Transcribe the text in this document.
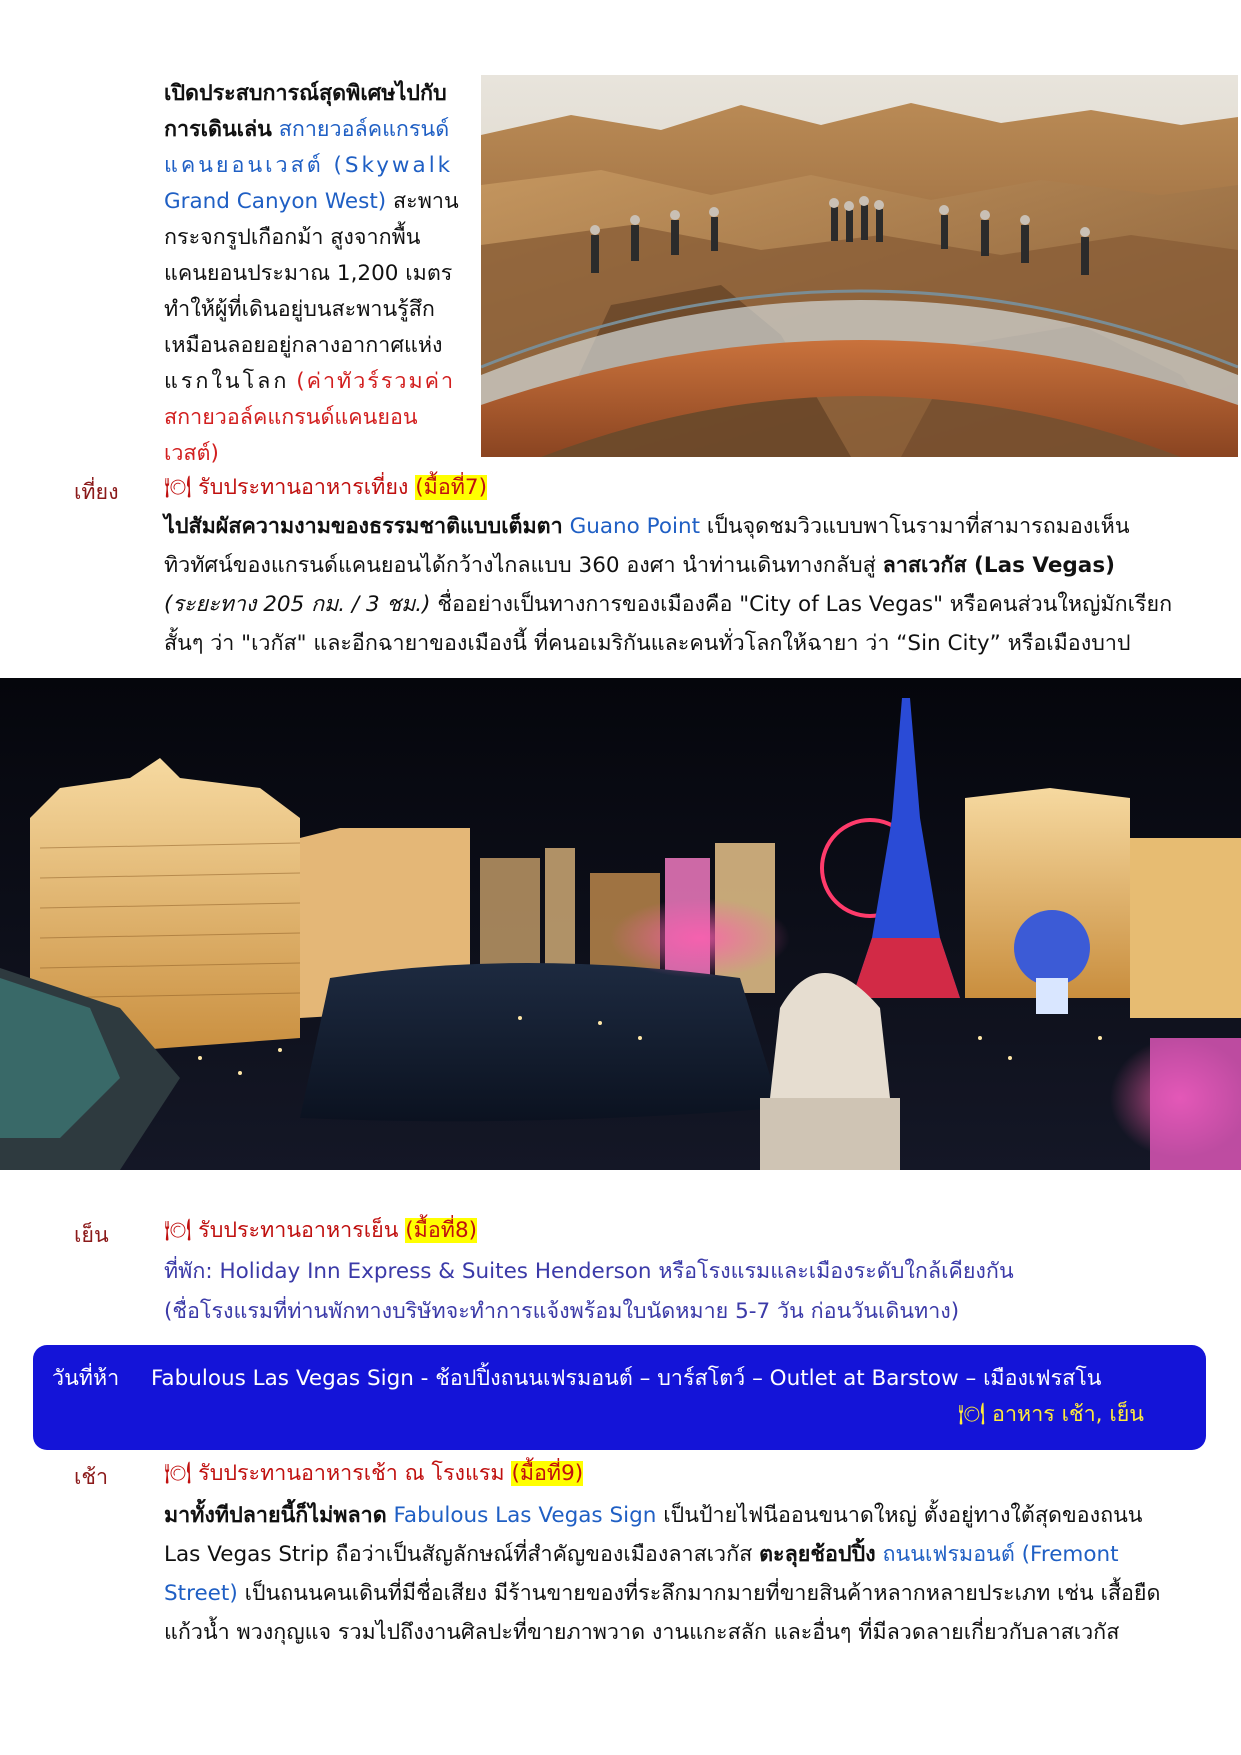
เปิดประสบการณ์สุดพิเศษไปกับ
การเดินเล่น สกายวอล์คแกรนด์
แคนยอนเวสต์ (Skywalk
Grand Canyon West) สะพาน
กระจกรูปเกือกม้า สูงจากพื้น
แคนยอนประมาณ 1,200 เมตร
ทำให้ผู้ที่เดินอยู่บนสะพานรู้สึก
เหมือนลอยอยู่กลางอากาศแห่ง
แรกในโลก (ค่าทัวร์รวมค่า
สกายวอล์คแกรนด์แคนยอน
เวสต์)
เที่ยง 🍽 รับประทานอาหารเที่ยง (มื้อที่7)
ไปสัมผัสความงามของธรรมชาติแบบเต็มตา Guano Point เป็นจุดชมวิวแบบพาโนรามาที่สามารถมองเห็น
ทิวทัศน์ของแกรนด์แคนยอนได้กว้างไกลแบบ 360 องศา นำท่านเดินทางกลับสู่ ลาสเวกัส (Las Vegas)
(ระยะทาง 205 กม. / 3 ชม.) ชื่ออย่างเป็นทางการของเมืองคือ "City of Las Vegas" หรือคนส่วนใหญ่มักเรียก
สั้นๆ ว่า "เวกัส" และอีกฉายาของเมืองนี้ ที่คนอเมริกันและคนทั่วโลกให้ฉายา ว่า “Sin City” หรือเมืองบาป
เย็น	🍽 รับประทานอาหารเย็น (มื้อที่8)
ที่พัก: Holiday Inn Express & Suites Henderson หรือโรงแรมและเมืองระดับใกล้เคียงกัน
(ชื่อโรงแรมที่ท่านพักทางบริษัทจะทำการแจ้งพร้อมใบนัดหมาย 5-7 วัน ก่อนวันเดินทาง)
วันที่ห้า Fabulous Las Vegas Sign - ช้อปปิ้งถนนเฟรมอนต์ – บาร์สโตว์ – Outlet at Barstow – เมืองเฟรสโน
🍽 อาหาร เช้า, เย็น
เช้า	🍽 รับประทานอาหารเช้า ณ โรงแรม (มื้อที่9)
มาทั้งทีปลายนี้ก็ไม่พลาด Fabulous Las Vegas Sign เป็นป้ายไฟนีออนขนาดใหญ่ ตั้งอยู่ทางใต้สุดของถนน
Las Vegas Strip ถือว่าเป็นสัญลักษณ์ที่สำคัญของเมืองลาสเวกัส ตะลุยช้อปปิ้ง ถนนเฟรมอนต์ (Fremont
Street) เป็นถนนคนเดินที่มีชื่อเสียง มีร้านขายของที่ระลึกมากมายที่ขายสินค้าหลากหลายประเภท เช่น เสื้อยืด
แก้วน้ำ พวงกุญแจ รวมไปถึงงานศิลปะที่ขายภาพวาด งานแกะสลัก และอื่นๆ ที่มีลวดลายเกี่ยวกับลาสเวกัส
